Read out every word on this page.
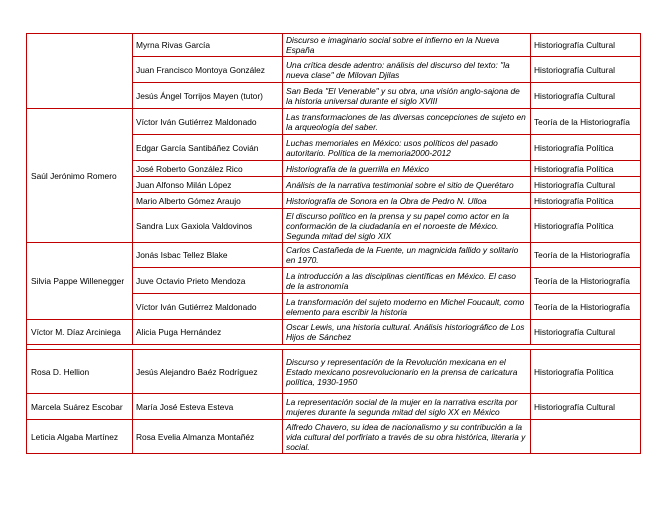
	Myrna Rivas García	Discurso e imaginario social sobre el infierno en la Nueva España	Historiografía Cultural
	Juan Francisco Montoya González	Una crítica desde adentro: análisis del discurso del texto: "la nueva clase" de Milovan Djilas	Historiografía Cultural
	Jesús Ángel Torrijos Mayen (tutor)	San Beda "El Venerable" y su obra, una visión anglo-sajona de la historia universal durante el siglo XVIII	Historiografía Cultural
Saúl Jerónimo Romero	Víctor Iván Gutiérrez Maldonado	Las transformaciones de las diversas concepciones de sujeto en la arqueología del saber.	Teoría de la Historiografía
	Edgar García Santibáñez Covián	Luchas memoriales en México: usos políticos del pasado autoritario. Política de la memoria2000-2012	Historiografía Política
	José Roberto González Rico	Historiografía de la guerrilla en México	Historiografía Política
	Juan Alfonso Milán López	Análisis de la narrativa testimonial sobre el sitio de Querétaro	Historiografía Cultural
	Mario Alberto Gómez Araujo	Historiografía de Sonora en la Obra de Pedro N. Ulloa	Historiografía Política
	Sandra Lux Gaxiola Valdovinos	El discurso político en la prensa y su papel como actor en la conformación de la ciudadanía en el noroeste de México. Segunda mitad del siglo XIX	Historiografía Política
Silvia Pappe Willenegger	Jonás Isbac Tellez Blake	Carlos Castañeda de la Fuente, un magnicida fallido y solitario en 1970.	Teoría de la Historiografía
	Juve Octavio Prieto Mendoza	La introducción a las disciplinas científicas en México. El caso de la astronomía	Teoría de la Historiografía
	Víctor Iván Gutiérrez Maldonado	La transformación del sujeto moderno en Michel Foucault, como elemento para escribir la historia	Teoría de la Historiografía
Víctor M. Díaz Arciniega	Alicia Puga Hernández	Oscar Lewis, una historia cultural. Análisis historiográfico de Los Hijos de Sánchez	Historiografía Cultural

Rosa D. Hellion	Jesús Alejandro Baéz Rodríguez	Discurso y representación de la Revolución mexicana en el Estado mexicano posrevolucionario en la prensa de caricatura política, 1930-1950	Historiografía Política
Marcela Suárez Escobar	María José Esteva Esteva	La representación social de la mujer en la narrativa escrita por mujeres durante la segunda mitad del siglo XX en México	Historiografía Cultural
Leticia Algaba Martínez	Rosa Evelia Almanza Montañéz	Alfredo Chavero, su idea de nacionalismo y su contribución a la vida cultural del porfiriato a través de su obra histórica, literaria y social.	
